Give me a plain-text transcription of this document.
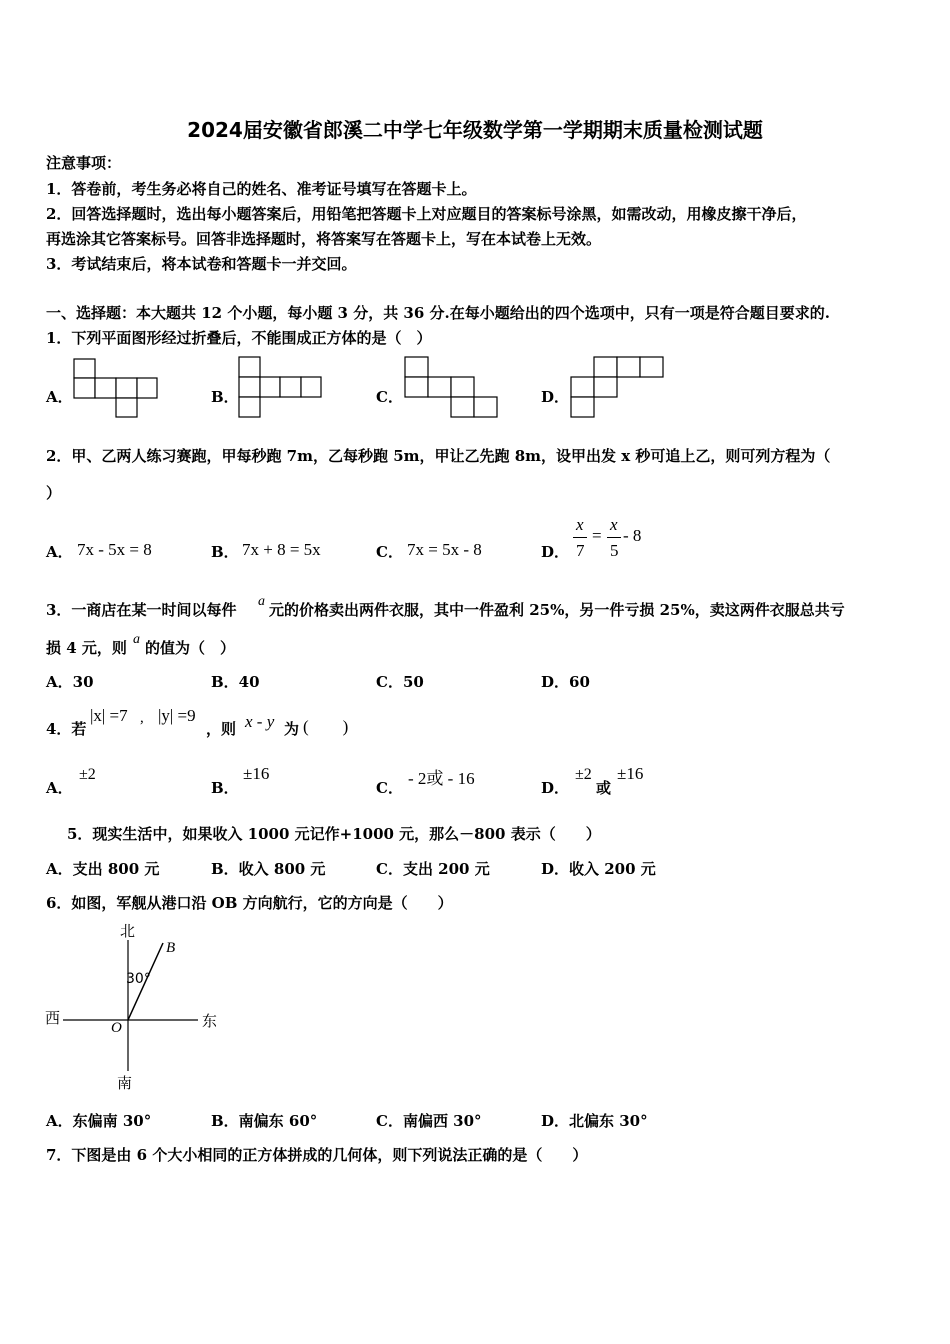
2024届安徽省郎溪二中学七年级数学第一学期期末质量检测试题
注意事项：
1．答卷前，考生务必将自己的姓名、准考证号填写在答题卡上。
2．回答选择题时，选出每小题答案后，用铅笔把答题卡上对应题目的答案标号涂黑，如需改动，用橡皮擦干净后，
再选涂其它答案标号。回答非选择题时，将答案写在答题卡上，写在本试卷上无效。
3．考试结束后，将本试卷和答题卡一并交回。
一、选择题：本大题共 12 个小题，每小题 3 分，共 36 分.在每小题给出的四个选项中，只有一项是符合题目要求的.
1．下列平面图形经过折叠后，不能围成正方体的是（　）
A．	B．	C．	D．
2．甲、乙两人练习赛跑，甲每秒跑 7m，乙每秒跑 5m，甲让乙先跑 8m，设甲出发 x 秒可追上乙，则可列方程为（
）
A． 7x - 5x = 8	B． 7x + 8 = 5x	C． 7x = 5x - 8	D．
x
7
=
x
5
- 8
3．一商店在某一时间以每件 a 元的价格卖出两件衣服，其中一件盈利 25%，另一件亏损 25%，卖这两件衣服总共亏
损 4 元，则 a 的值为（　）
A．30	B．40	C．50	D．60
4．若
|x| =7 , |y| =9
，则 x - y 为 (　　)
A．
±2
B．
±16
C． - 2或 - 16	D．
±2
或
±16
5．现实生活中，如果收入 1000 元记作+1000 元，那么－800 表示（　　）
A．支出 800 元	B．收入 800 元	C．支出 200 元	D．收入 200 元
6．如图，军舰从港口沿 OB 方向航行，它的方向是（　　）
北
南
西	东
O
B
30°
A．东偏南 30°	B．南偏东 60°	C．南偏西 30°	D．北偏东 30°
7．下图是由 6 个大小相同的正方体拼成的几何体，则下列说法正确的是（　　）
